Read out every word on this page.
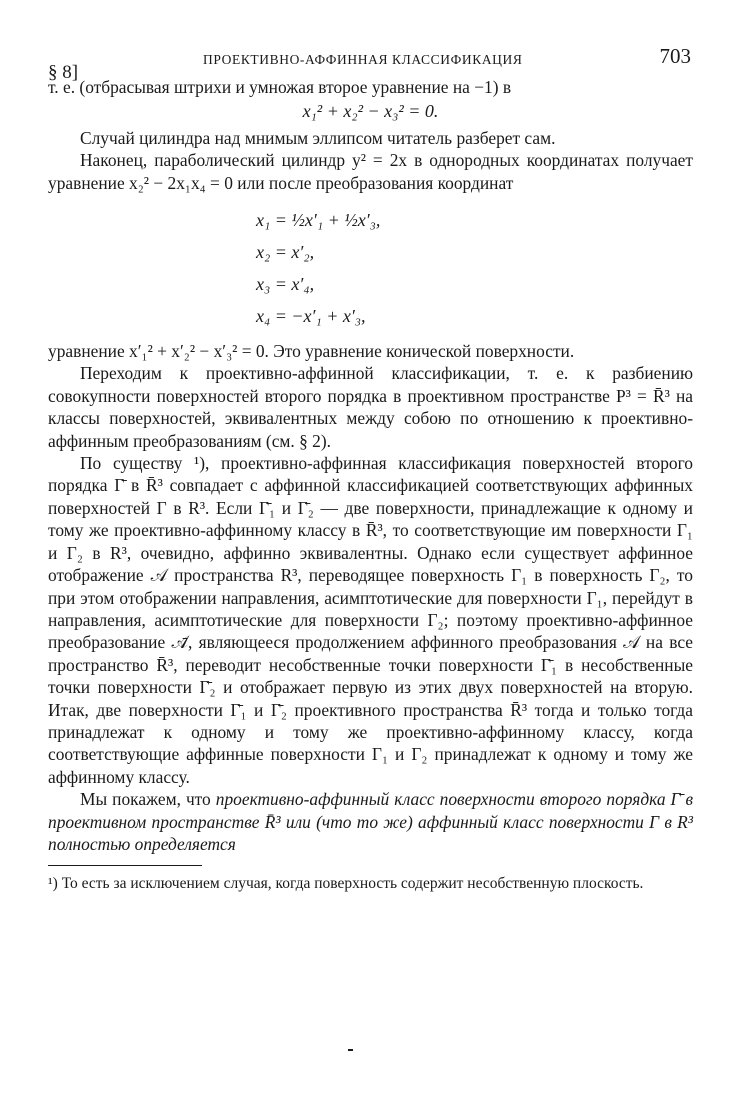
§ 8]
ПРОЕКТИВНО-АФФИННАЯ КЛАССИФИКАЦИЯ	703

т. е. (отбрасывая штрихи и умножая второе уравнение на −1) в

x₁² + x₂² − x₃² = 0.

Случай цилиндра над мнимым эллипсом читатель разберет сам.

Наконец, параболический цилиндр y² = 2x в однородных координатах получает уравнение x₂² − 2x₁x₄ = 0 или после преобразования координат

x₁ = ½x′₁ + ½x′₃,
x₂ = x′₂,
x₃ = x′₄,
x₄ = −x′₁ + x′₃,

уравнение x′₁² + x′₂² − x′₃² = 0. Это уравнение конической поверхности.

Переходим к проективно-аффинной классификации, т. е. к разбиению совокупности поверхностей второго порядка в проективном пространстве P³ = R̄³ на классы поверхностей, эквивалентных между собою по отношению к проективно-аффинным преобразованиям (см. § 2).

По существу ¹), проективно-аффинная классификация поверхностей второго порядка Γ̄ в R̄³ совпадает с аффинной классификацией соответствующих аффинных поверхностей Γ в R³. Если Γ̄₁ и Γ̄₂ — две поверхности, принадлежащие к одному и тому же проективно-аффинному классу в R̄³, то соответствующие им поверхности Γ₁ и Γ₂ в R³, очевидно, аффинно эквивалентны. Однако если существует аффинное отображение 𝒜 пространства R³, переводящее поверхность Γ₁ в поверхность Γ₂, то при этом отображении направления, асимптотические для поверхности Γ₁, перейдут в направления, асимптотические для поверхности Γ₂; поэтому проективно-аффинное преобразование 𝒜̄, являющееся продолжением аффинного преобразования 𝒜 на все пространство R̄³, переводит несобственные точки поверхности Γ̄₁ в несобственные точки поверхности Γ̄₂ и отображает первую из этих двух поверхностей на вторую. Итак, две поверхности Γ̄₁ и Γ̄₂ проективного пространства R̄³ тогда и только тогда принадлежат к одному и тому же проективно-аффинному классу, когда соответствующие аффинные поверхности Γ₁ и Γ₂ принадлежат к одному и тому же аффинному классу.

Мы покажем, что проективно-аффинный класс поверхности второго порядка Γ̄ в проективном пространстве R̄³ или (что то же) аффинный класс поверхности Γ в R³ полностью определяется

¹) То есть за исключением случая, когда поверхность содержит несобственную плоскость.
